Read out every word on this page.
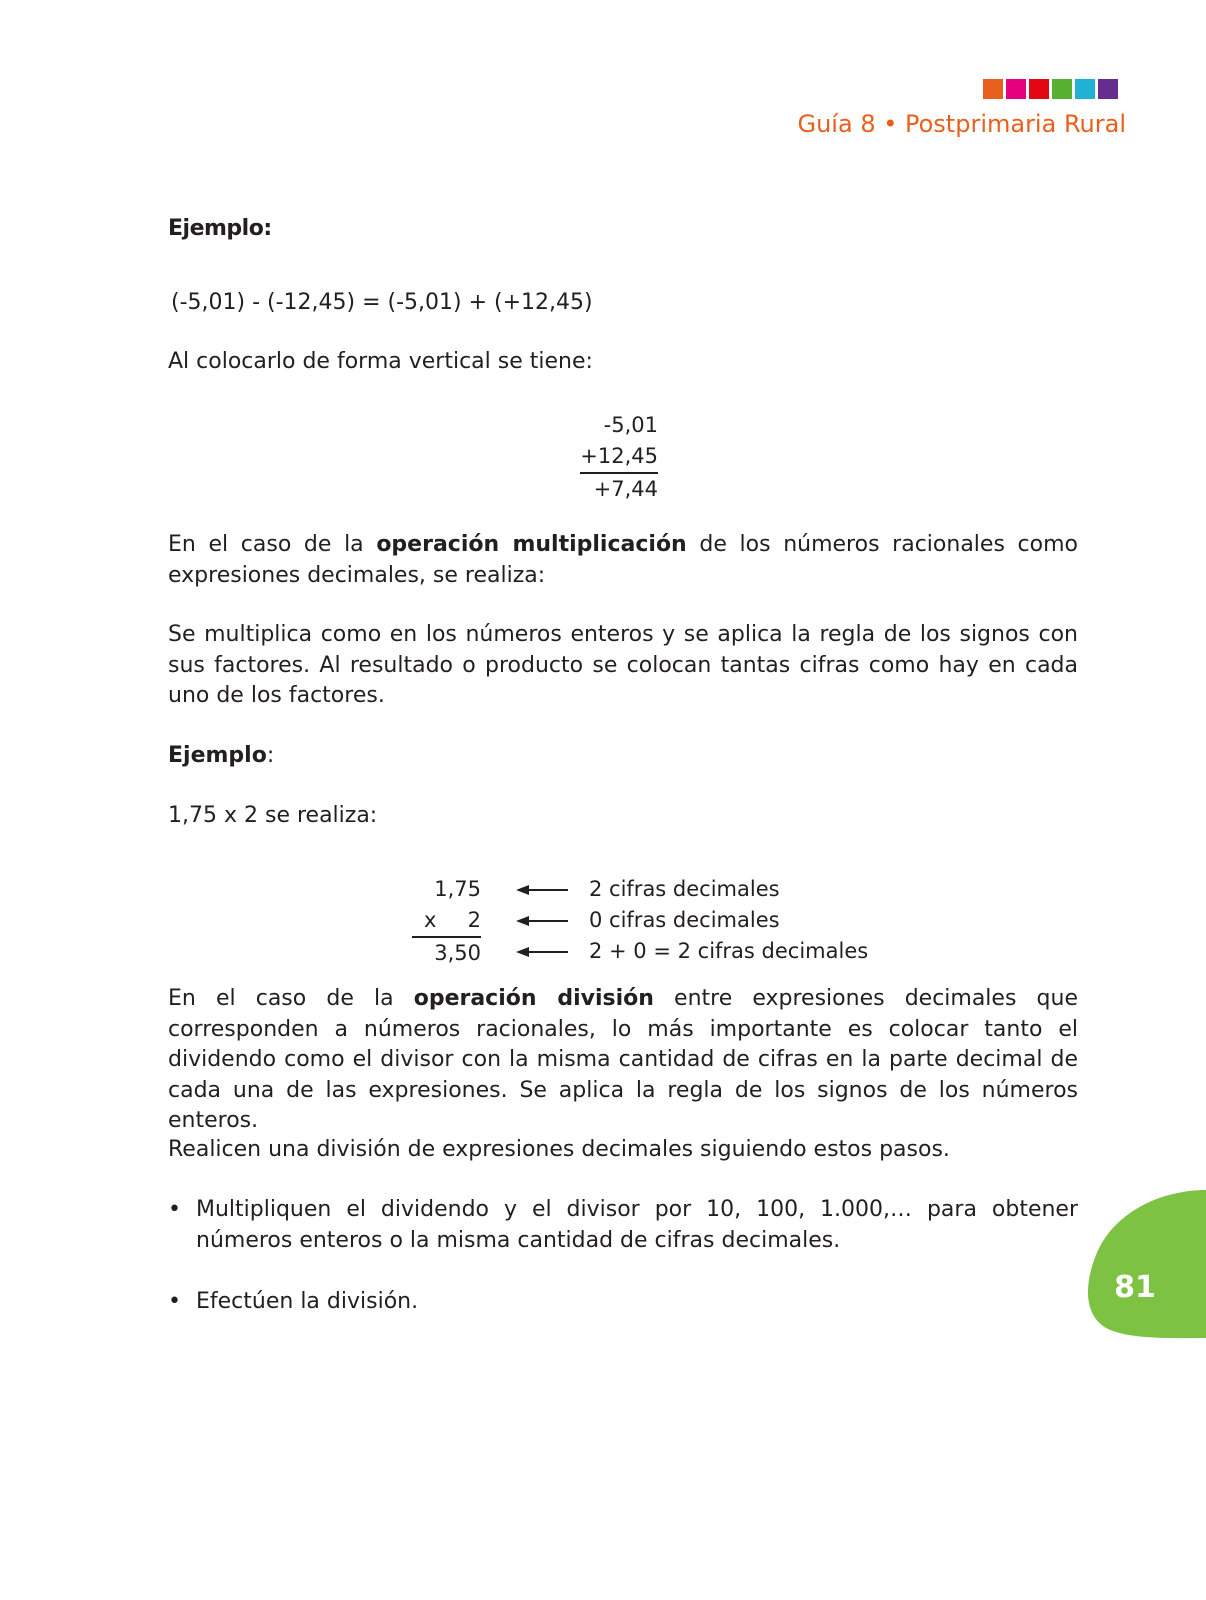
Guía 8 • Postprimaria Rural

Ejemplo:

(-5,01) - (-12,45) = (-5,01) + (+12,45)

Al colocarlo de forma vertical se tiene:

-5,01
+12,45
+7,44

En el caso de la operación multiplicación de los números racionales como expresiones decimales, se realiza:

Se multiplica como en los números enteros y se aplica la regla de los signos con sus factores. Al resultado o producto se colocan tantas cifras como hay en cada uno de los factores.

Ejemplo:

1,75 x 2 se realiza:

1,75
x 2
3,50
2 cifras decimales
0 cifras decimales
2 + 0 = 2 cifras decimales

En el caso de la operación división entre expresiones decimales que corresponden a números racionales, lo más importante es colocar tanto el dividendo como el divisor con la misma cantidad de cifras en la parte decimal de cada una de las expresiones. Se aplica la regla de los signos de los números enteros.

Realicen una división de expresiones decimales siguiendo estos pasos.

• Multipliquen el dividendo y el divisor por 10, 100, 1.000,… para obtener números enteros o la misma cantidad de cifras decimales.
• Efectúen la división.	81
